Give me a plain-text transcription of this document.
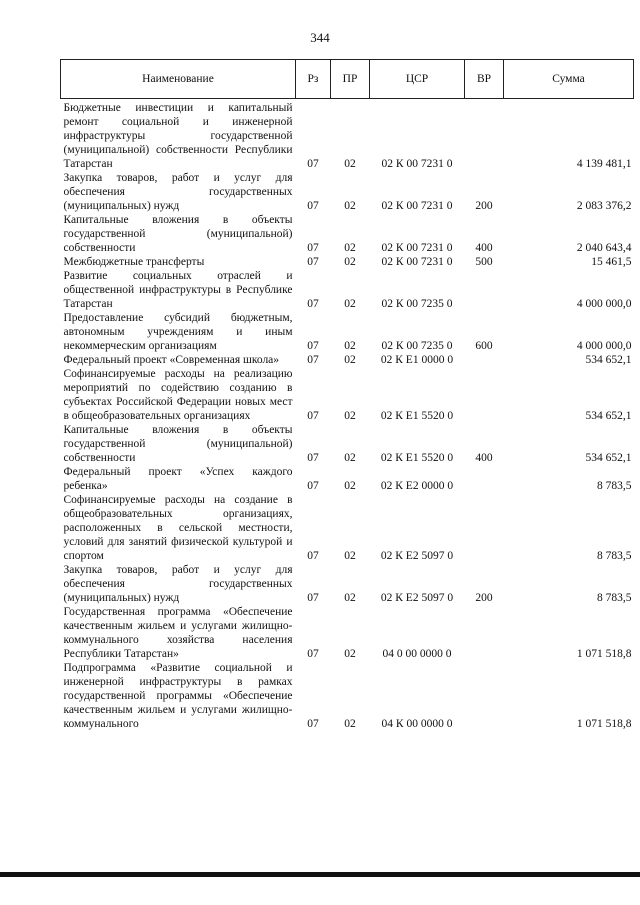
344
Наименование	Рз	ПР	ЦСР	ВР	Сумма

Бюджетные инвестиции и капитальный ремонт социальной и инженерной инфраструктуры государственной (муниципальной) собственности Республики Татарстан	07	02	02 К 00 7231 0		4 139 481,1

Закупка товаров, работ и услуг для обеспечения государственных (муниципальных) нужд	07	02	02 К 00 7231 0	200	2 083 376,2

Капитальные вложения в объекты государственной (муниципальной) собственности	07	02	02 К 00 7231 0	400	2 040 643,4

Межбюджетные трансферты	07	02	02 К 00 7231 0	500	15 461,5

Развитие социальных отраслей и общественной инфраструктуры в Республике Татарстан	07	02	02 К 00 7235 0		4 000 000,0

Предоставление субсидий бюджетным, автономным учреждениям и иным некоммерческим организациям	07	02	02 К 00 7235 0	600	4 000 000,0

Федеральный проект «Современная школа»	07	02	02 К Е1 0000 0		534 652,1

Софинансируемые расходы на реализацию мероприятий по содействию созданию в субъектах Российской Федерации новых мест в общеобразовательных организациях	07	02	02 К Е1 5520 0		534 652,1

Капитальные вложения в объекты государственной (муниципальной) собственности	07	02	02 К Е1 5520 0	400	534 652,1

Федеральный проект «Успех каждого ребенка»	07	02	02 К Е2 0000 0		8 783,5

Софинансируемые расходы на создание в общеобразовательных организациях, расположенных в сельской местности, условий для занятий физической культурой и спортом	07	02	02 К Е2 5097 0		8 783,5

Закупка товаров, работ и услуг для обеспечения государственных (муниципальных) нужд	07	02	02 К Е2 5097 0	200	8 783,5

Государственная программа «Обеспечение качественным жильем и услугами жилищно-коммунального хозяйства населения Республики Татарстан»	07	02	04 0 00 0000 0		1 071 518,8

Подпрограмма «Развитие социальной и инженерной инфраструктуры в рамках государственной программы «Обеспечение качественным жильем и услугами жилищно-коммунального	07	02	04 К 00 0000 0		1 071 518,8
